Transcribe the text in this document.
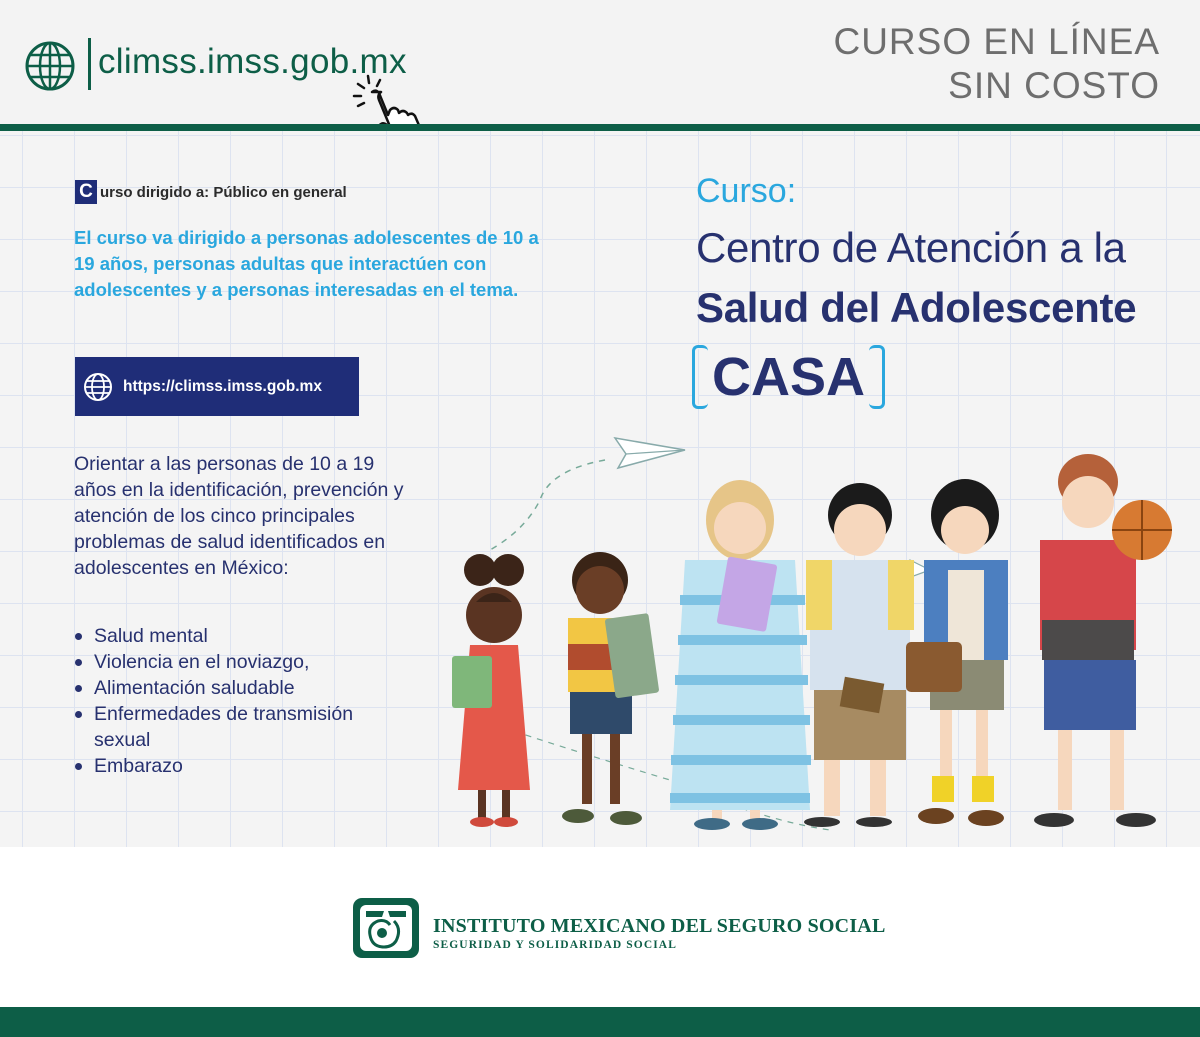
climss.imss.gob.mx	CURSO EN LÍNEA
SIN COSTO
C urso dirigido a: Público en general
El curso va dirigido a personas adolescentes de 10 a 19 años, personas adultas que interactúen con adolescentes y a personas interesadas en el tema.
https://climss.imss.gob.mx
Orientar a las personas de 10 a 19 años en la identificación, prevención y atención de los cinco principales problemas de salud identificados en adolescentes en México:
Salud mental
Violencia en el noviazgo,
Alimentación saludable
Enfermedades de transmisión sexual
Embarazo
Curso:
Centro de Atención a la
Salud del Adolescente
CASA
INSTITUTO MEXICANO DEL SEGURO SOCIAL
SEGURIDAD Y SOLIDARIDAD SOCIAL
